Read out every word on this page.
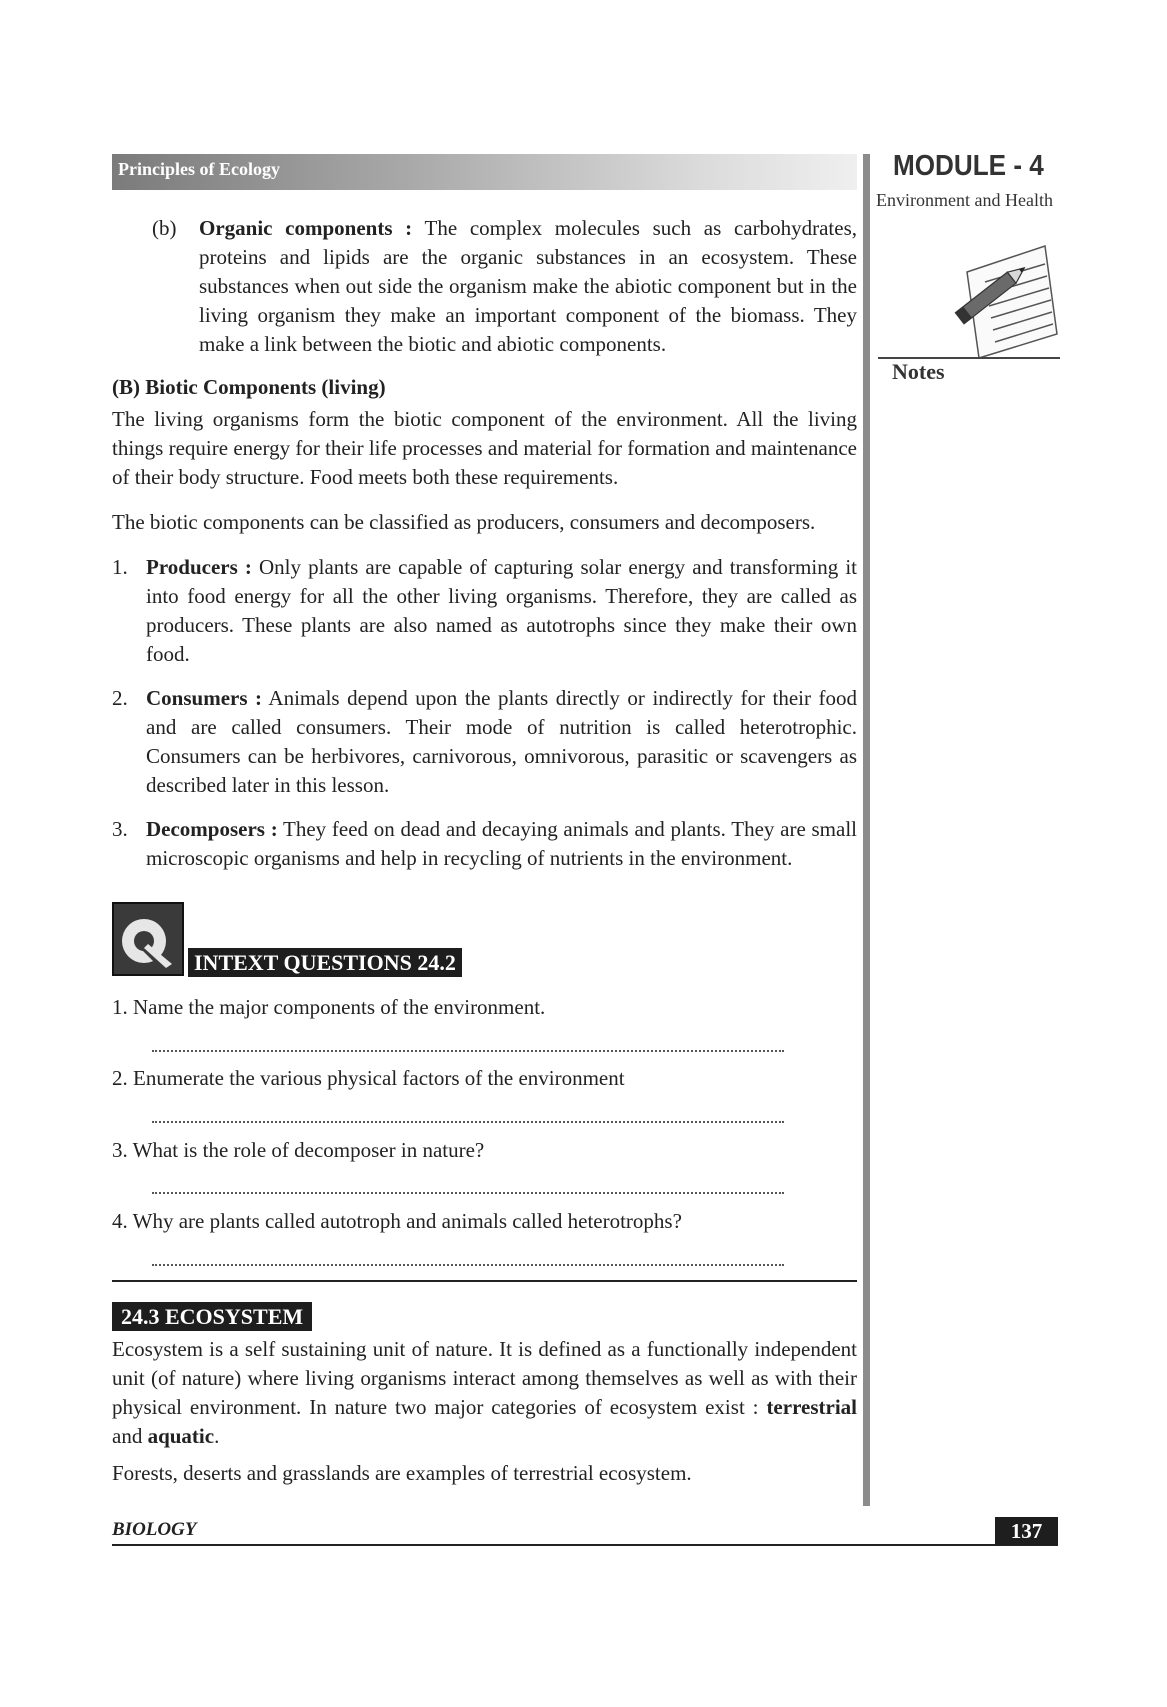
Principles of Ecology	MODULE - 4
Environment and Health
Notes
(b) Organic components : The complex molecules such as carbohydrates, proteins and lipids are the organic substances in an ecosystem. These substances when out side the organism make the abiotic component but in the living organism they make an important component of the biomass. They make a link between the biotic and abiotic components.

(B) Biotic Components (living)

The living organisms form the biotic component of the environment. All the living things require energy for their life processes and material for formation and maintenance of their body structure. Food meets both these requirements.

The biotic components can be classified as producers, consumers and decomposers.

1. Producers : Only plants are capable of capturing solar energy and transforming it into food energy for all the other living organisms. Therefore, they are called as producers. These plants are also named as autotrophs since they make their own food.

2. Consumers : Animals depend upon the plants directly or indirectly for their food and are called consumers. Their mode of nutrition is called heterotrophic. Consumers can be herbivores, carnivorous, omnivorous, parasitic or scavengers as described later in this lesson.

3. Decomposers : They feed on dead and decaying animals and plants. They are small microscopic organisms and help in recycling of nutrients in the environment.

INTEXT QUESTIONS 24.2
1. Name the major components of the environment.
2. Enumerate the various physical factors of the environment
3. What is the role of decomposer in nature?
4. Why are plants called autotroph and animals called heterotrophs?
24.3 ECOSYSTEM

Ecosystem is a self sustaining unit of nature. It is defined as a functionally independent unit (of nature) where living organisms interact among themselves as well as with their physical environment. In nature two major categories of ecosystem exist : terrestrial and aquatic.

Forests, deserts and grasslands are examples of terrestrial ecosystem.

BIOLOGY	137
